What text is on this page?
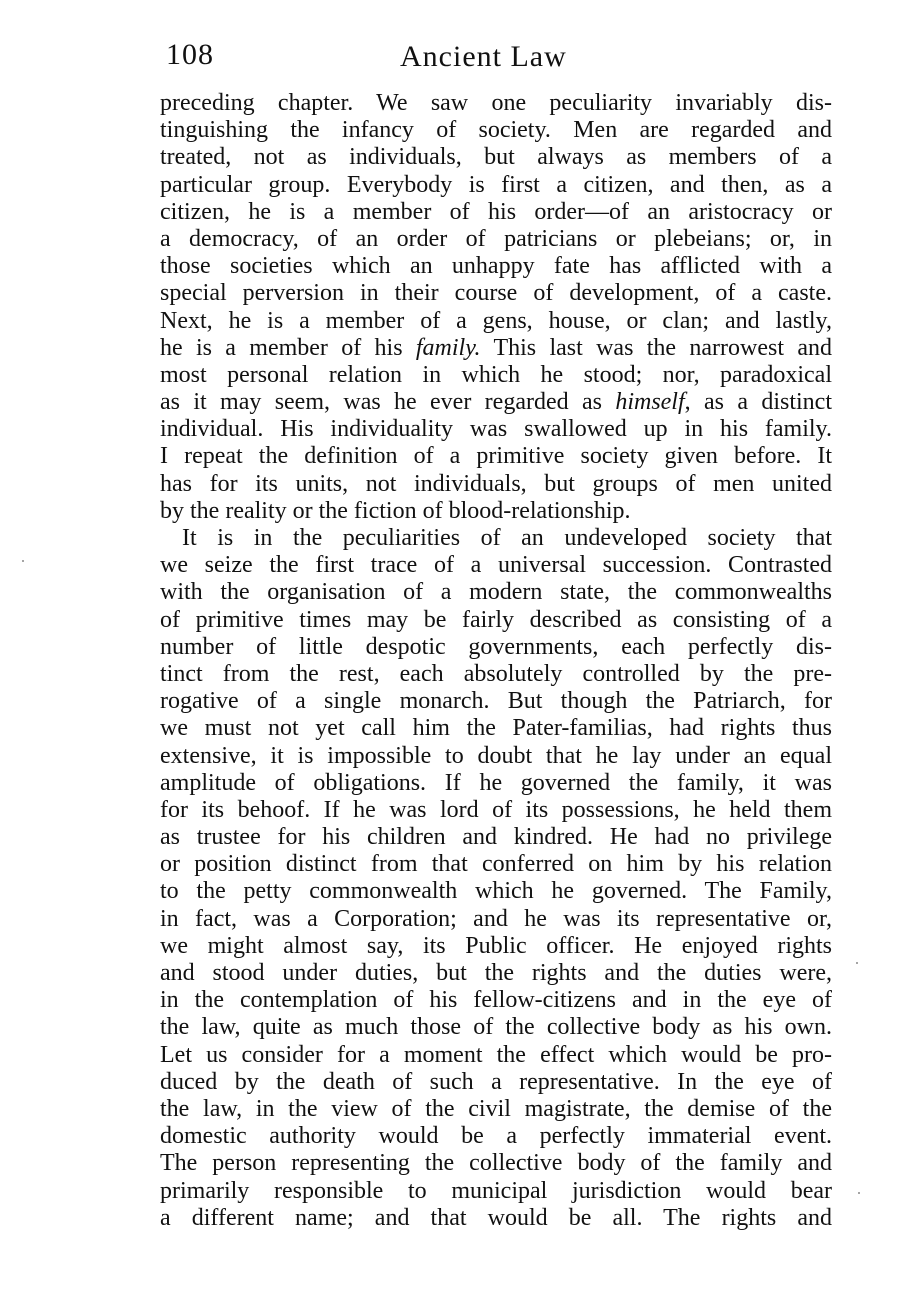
108	Ancient Law
preceding chapter. We saw one peculiarity invariably dis-
tinguishing the infancy of society. Men are regarded and
treated, not as individuals, but always as members of a
particular group. Everybody is first a citizen, and then, as a
citizen, he is a member of his order—of an aristocracy or
a democracy, of an order of patricians or plebeians; or, in
those societies which an unhappy fate has afflicted with a
special perversion in their course of development, of a caste.
Next, he is a member of a gens, house, or clan; and lastly,
he is a member of his family. This last was the narrowest and
most personal relation in which he stood; nor, paradoxical
as it may seem, was he ever regarded as himself, as a distinct
individual. His individuality was swallowed up in his family.
I repeat the definition of a primitive society given before. It
has for its units, not individuals, but groups of men united
by the reality or the fiction of blood-relationship.
It is in the peculiarities of an undeveloped society that
we seize the first trace of a universal succession. Contrasted
with the organisation of a modern state, the commonwealths
of primitive times may be fairly described as consisting of a
number of little despotic governments, each perfectly dis-
tinct from the rest, each absolutely controlled by the pre-
rogative of a single monarch. But though the Patriarch, for
we must not yet call him the Pater-familias, had rights thus
extensive, it is impossible to doubt that he lay under an equal
amplitude of obligations. If he governed the family, it was
for its behoof. If he was lord of its possessions, he held them
as trustee for his children and kindred. He had no privilege
or position distinct from that conferred on him by his relation
to the petty commonwealth which he governed. The Family,
in fact, was a Corporation; and he was its representative or,
we might almost say, its Public officer. He enjoyed rights
and stood under duties, but the rights and the duties were,
in the contemplation of his fellow-citizens and in the eye of
the law, quite as much those of the collective body as his own.
Let us consider for a moment the effect which would be pro-
duced by the death of such a representative. In the eye of
the law, in the view of the civil magistrate, the demise of the
domestic authority would be a perfectly immaterial event.
The person representing the collective body of the family and
primarily responsible to municipal jurisdiction would bear
a different name; and that would be all. The rights and
